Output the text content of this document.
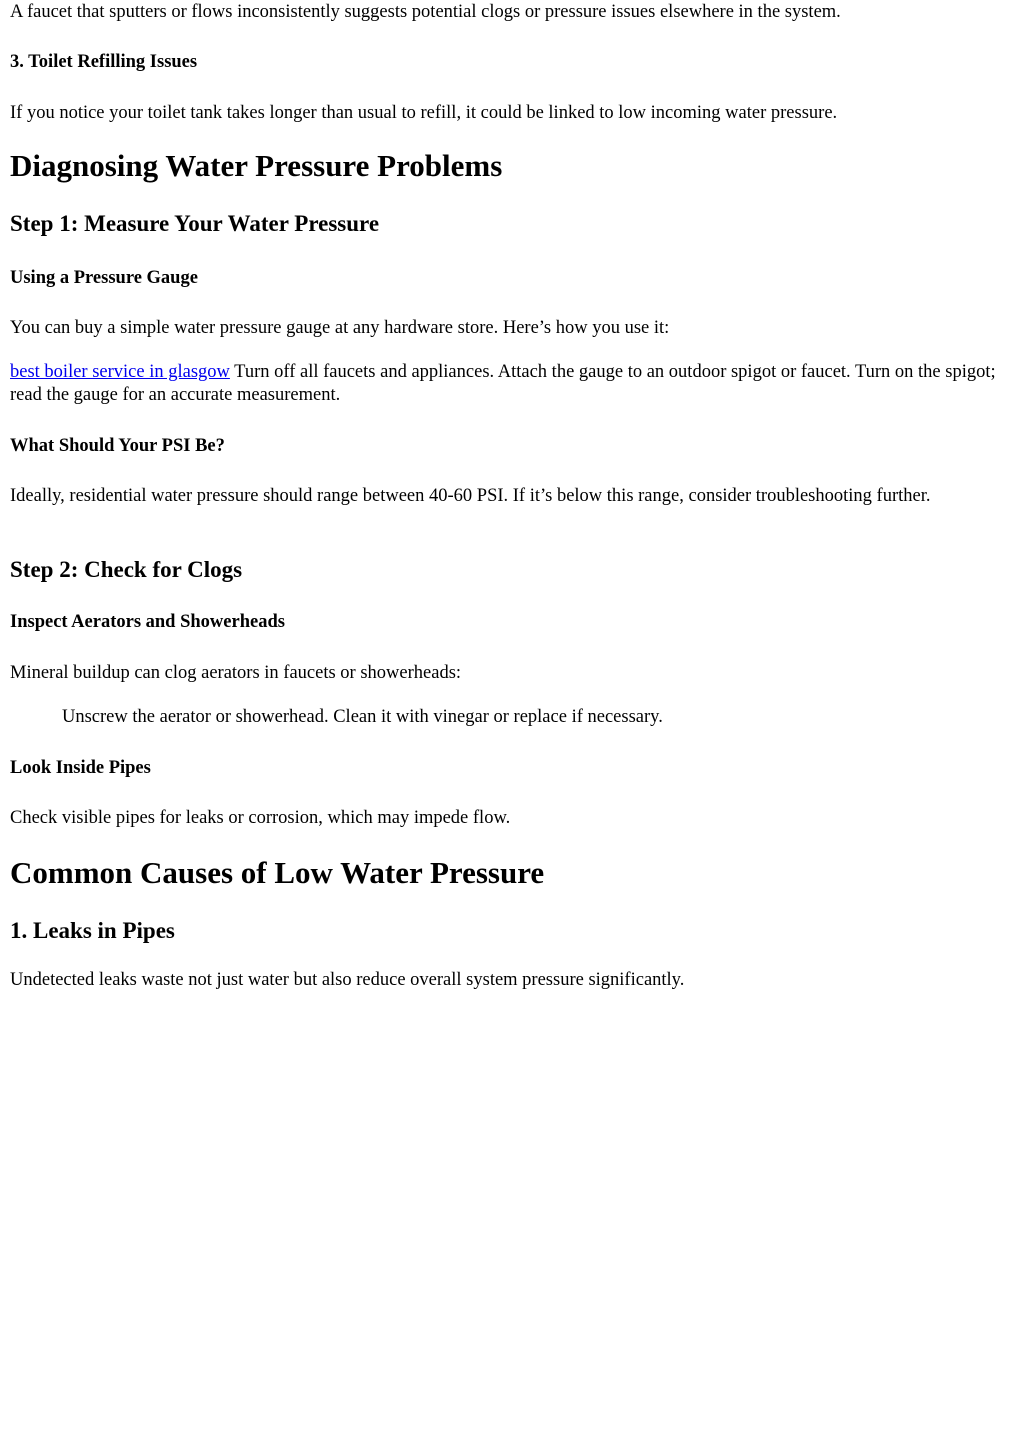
A faucet that sputters or flows inconsistently suggests potential clogs or pressure issues elsewhere in the system.

3. Toilet Refilling Issues

If you notice your toilet tank takes longer than usual to refill, it could be linked to low incoming water pressure.

Diagnosing Water Pressure Problems
Step 1: Measure Your Water Pressure
Using a Pressure Gauge

You can buy a simple water pressure gauge at any hardware store. Here’s how you use it:

best boiler service in glasgow Turn off all faucets and appliances. Attach the gauge to an outdoor spigot or faucet. Turn on the spigot; read the gauge for an accurate measurement.

What Should Your PSI Be?

Ideally, residential water pressure should range between 40-60 PSI. If it’s below this range, consider troubleshooting further.

Step 2: Check for Clogs
Inspect Aerators and Showerheads

Mineral buildup can clog aerators in faucets or showerheads:

Unscrew the aerator or showerhead. Clean it with vinegar or replace if necessary.

Look Inside Pipes

Check visible pipes for leaks or corrosion, which may impede flow.

Common Causes of Low Water Pressure
1. Leaks in Pipes

Undetected leaks waste not just water but also reduce overall system pressure significantly.
